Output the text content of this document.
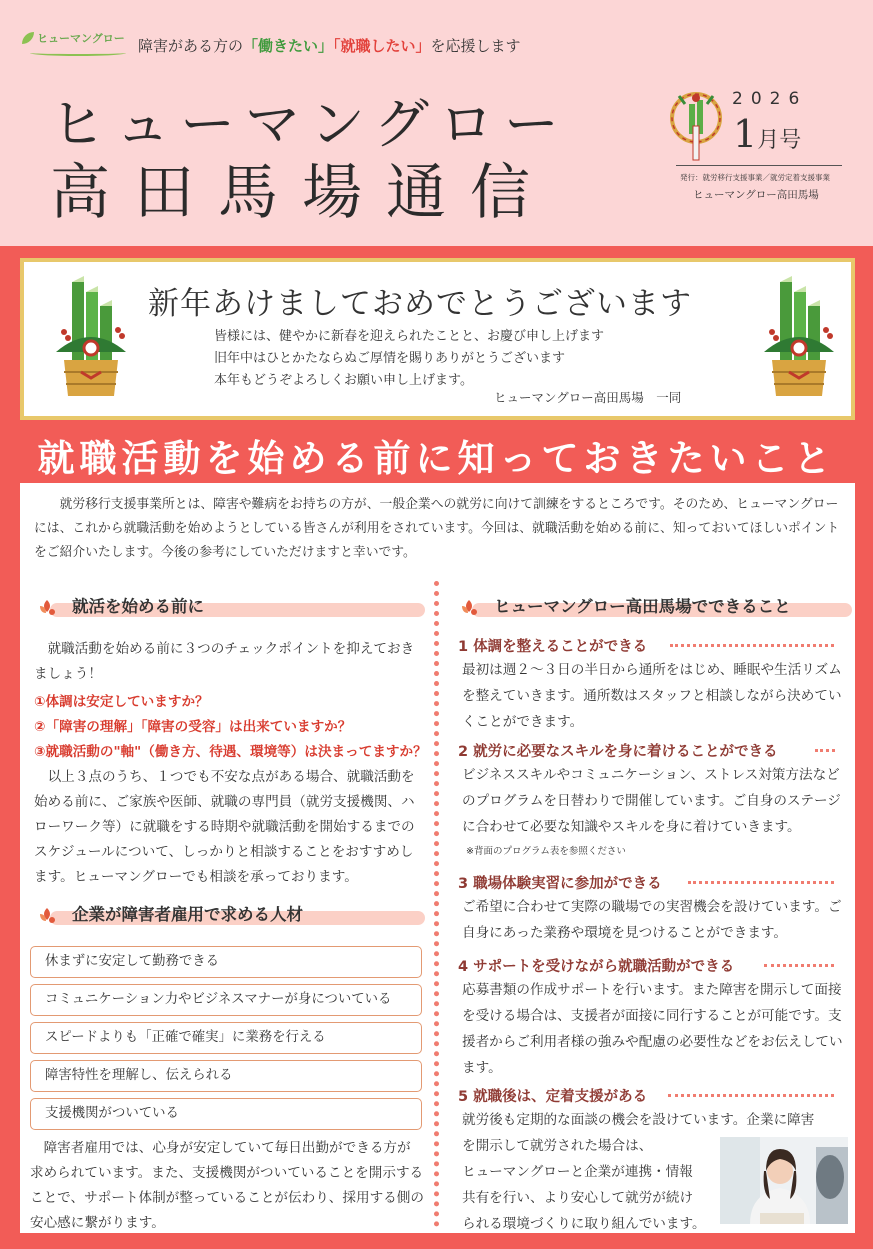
ヒューマングロー 障害がある方の「働きたい」「就職したい」を応援します
ヒューマングロー
高田馬場通信
2026
1月号
発行：就労移行支援事業／就労定着支援事業
ヒューマングロー高田馬場
新年あけましておめでとうございます
皆様には、健やかに新春を迎えられたことと、お慶び申し上げます
旧年中はひとかたならぬご厚情を賜りありがとうございます
本年もどうぞよろしくお願い申し上げます。
ヒューマングロー高田馬場　一同
就職活動を始める前に知っておきたいこと

就労移行支援事業所とは、障害や難病をお持ちの方が、一般企業への就労に向けて訓練をするところです。そのため、ヒューマングローには、これから就職活動を始めようとしている皆さんが利用をされています。今回は、就職活動を始める前に、知っておいてほしいポイントをご紹介いたします。今後の参考にしていただけますと幸いです。

就活を始める前に

就職活動を始める前に３つのチェックポイントを抑えておきましょう！

①体調は安定していますか？
②「障害の理解」「障害の受容」は出来ていますか？
③就職活動の"軸"（働き方、待遇、環境等）は決まってますか？

以上３点のうち、１つでも不安な点がある場合、就職活動を始める前に、ご家族や医師、就職の専門員（就労支援機関、ハローワーク等）に就職をする時期や就職活動を開始するまでのスケジュールについて、しっかりと相談することをおすすめします。ヒューマングローでも相談を承っております。

企業が障害者雇用で求める人材
休まずに安定して勤務できる
コミュニケーション力やビジネスマナーが身についている
スピードよりも「正確で確実」に業務を行える
障害特性を理解し、伝えられる
支援機関がついている

障害者雇用では、心身が安定していて毎日出勤ができる方が求められています。また、支援機関がついていることを開示することで、サポート体制が整っていることが伝わり、採用する側の安心感に繋がります。

ヒューマングロー高田馬場でできること
1 体調を整えることができる

最初は週２～３日の半日から通所をはじめ、睡眠や生活リズムを整えていきます。通所数はスタッフと相談しながら決めていくことができます。

2 就労に必要なスキルを身に着けることができる

ビジネススキルやコミュニケーション、ストレス対策方法などのプログラムを日替わりで開催しています。ご自身のステージに合わせて必要な知識やスキルを身に着けていきます。

※背面のプログラム表を参照ください
3 職場体験実習に参加ができる

ご希望に合わせて実際の職場での実習機会を設けています。ご自身にあった業務や環境を見つけることができます。

4 サポートを受けながら就職活動ができる

応募書類の作成サポートを行います。また障害を開示して面接を受ける場合は、支援者が面接に同行することが可能です。支援者からご利用者様の強みや配慮の必要性などをお伝えしています。

5 就職後は、定着支援がある
就労後も定期的な面談の機会を設けています。企業に障害
を開示して就労された場合は、
ヒューマングローと企業が連携・情報
共有を行い、より安心して就労が続け
られる環境づくりに取り組んでいます。
